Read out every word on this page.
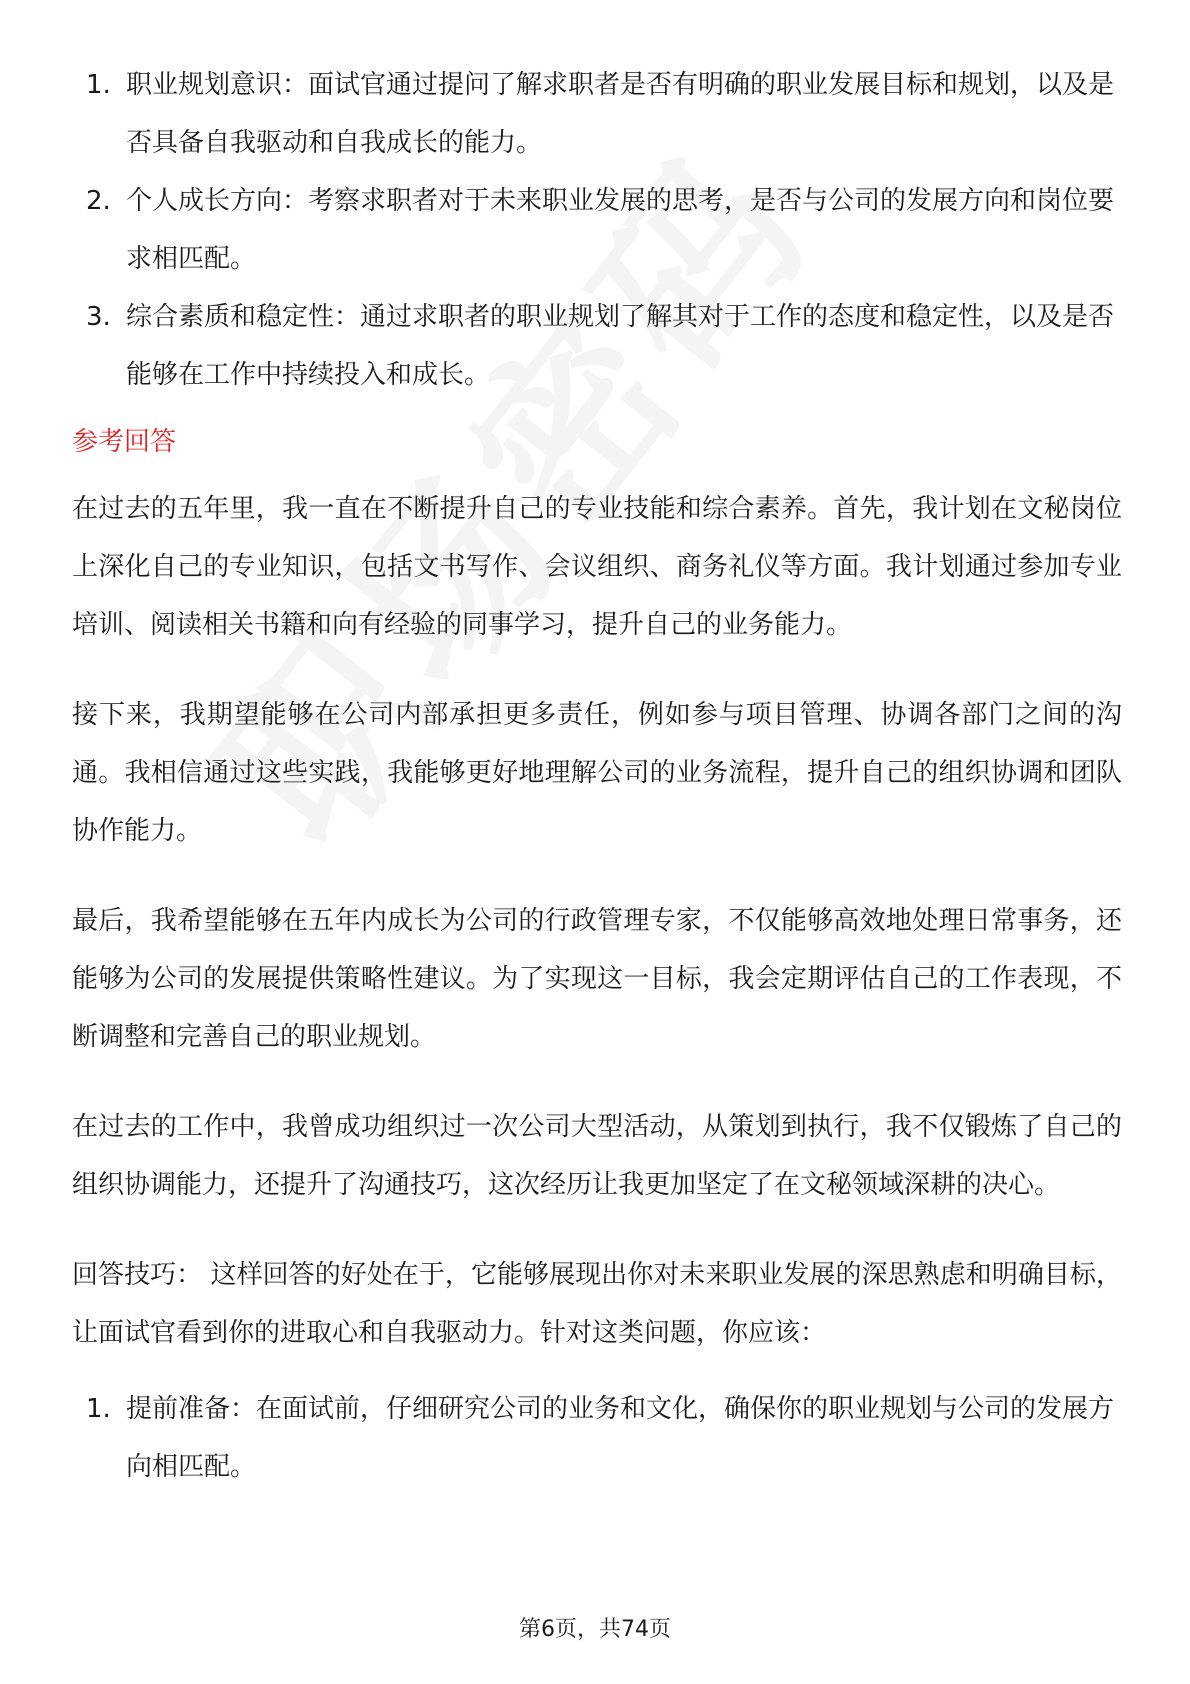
1. 职业规划意识：面试官通过提问了解求职者是否有明确的职业发展目标和规划，以及是否具备自我驱动和自我成长的能力。
2. 个人成长方向：考察求职者对于未来职业发展的思考，是否与公司的发展方向和岗位要求相匹配。
3. 综合素质和稳定性：通过求职者的职业规划了解其对于工作的态度和稳定性，以及是否能够在工作中持续投入和成长。
参考回答

在过去的五年里，我一直在不断提升自己的专业技能和综合素养。首先，我计划在文秘岗位上深化自己的专业知识，包括文书写作、会议组织、商务礼仪等方面。我计划通过参加专业培训、阅读相关书籍和向有经验的同事学习，提升自己的业务能力。

接下来，我期望能够在公司内部承担更多责任，例如参与项目管理、协调各部门之间的沟通。我相信通过这些实践，我能够更好地理解公司的业务流程，提升自己的组织协调和团队协作能力。

最后，我希望能够在五年内成长为公司的行政管理专家，不仅能够高效地处理日常事务，还能够为公司的发展提供策略性建议。为了实现这一目标，我会定期评估自己的工作表现，不断调整和完善自己的职业规划。

在过去的工作中，我曾成功组织过一次公司大型活动，从策划到执行，我不仅锻炼了自己的组织协调能力，还提升了沟通技巧，这次经历让我更加坚定了在文秘领域深耕的决心。

回答技巧： 这样回答的好处在于，它能够展现出你对未来职业发展的深思熟虑和明确目标，让面试官看到你的进取心和自我驱动力。针对这类问题，你应该：

1. 提前准备：在面试前，仔细研究公司的业务和文化，确保你的职业规划与公司的发展方向相匹配。
第6页，共74页
